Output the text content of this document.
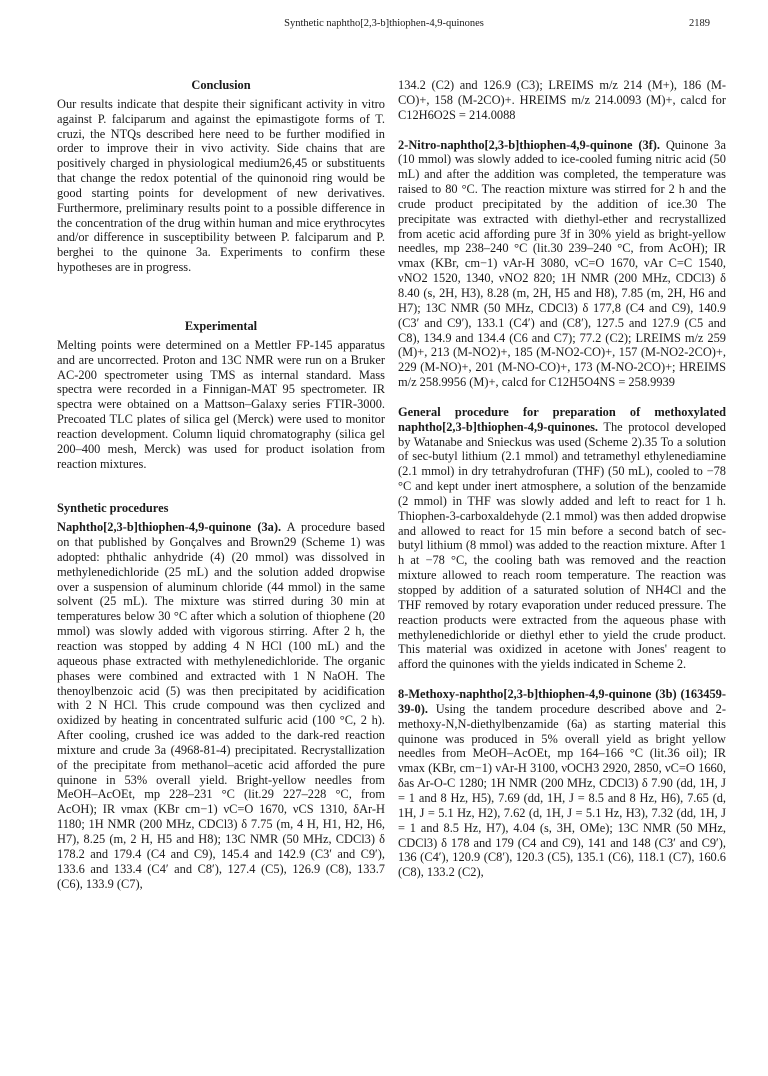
Synthetic naphtho[2,3-b]thiophen-4,9-quinones	2189

Conclusion

Our results indicate that despite their significant activity in vitro against P. falciparum and against the epimastigote forms of T. cruzi, the NTQs described here need to be further modified in order to improve their in vivo activity. Side chains that are positively charged in physiological medium26,45 or substituents that change the redox potential of the quinonoid ring would be good starting points for development of new derivatives. Furthermore, preliminary results point to a possible difference in the concentration of the drug within human and mice erythrocytes and/or difference in susceptibility between P. falciparum and P. berghei to the quinone 3a. Experiments to confirm these hypotheses are in progress.

Experimental

Melting points were determined on a Mettler FP-145 apparatus and are uncorrected. Proton and 13C NMR were run on a Bruker AC-200 spectrometer using TMS as internal standard. Mass spectra were recorded in a Finnigan-MAT 95 spectrometer. IR spectra were obtained on a Mattson–Galaxy series FTIR-3000. Precoated TLC plates of silica gel (Merck) were used to monitor reaction development. Column liquid chromatography (silica gel 200–400 mesh, Merck) was used for product isolation from reaction mixtures.

Synthetic procedures

Naphtho[2,3-b]thiophen-4,9-quinone (3a). A procedure based on that published by Gonçalves and Brown29 (Scheme 1) was adopted: phthalic anhydride (4) (20 mmol) was dissolved in methylenedichloride (25 mL) and the solution added dropwise over a suspension of aluminum chloride (44 mmol) in the same solvent (25 mL). The mixture was stirred during 30 min at temperatures below 30 °C after which a solution of thiophene (20 mmol) was slowly added with vigorous stirring. After 2 h, the reaction was stopped by adding 4 N HCl (100 mL) and the aqueous phase extracted with methylenedichloride. The organic phases were combined and extracted with 1 N NaOH. The thenoylbenzoic acid (5) was then precipitated by acidification with 2 N HCl. This crude compound was then cyclized and oxidized by heating in concentrated sulfuric acid (100 °C, 2 h). After cooling, crushed ice was added to the dark-red reaction mixture and crude 3a (4968-81-4) precipitated. Recrystallization of the precipitate from methanol–acetic acid afforded the pure quinone in 53% overall yield. Bright-yellow needles from MeOH–AcOEt, mp 228–231 °C (lit.29 227–228 °C, from AcOH); IR νmax (KBr cm−1) νC=O 1670, νCS 1310, δAr-H 1180; 1H NMR (200 MHz, CDCl3) δ 7.75 (m, 4 H, H1, H2, H6, H7), 8.25 (m, 2 H, H5 and H8); 13C NMR (50 MHz, CDCl3) δ 178.2 and 179.4 (C4 and C9), 145.4 and 142.9 (C3′ and C9′), 133.6 and 133.4 (C4′ and C8′), 127.4 (C5), 126.9 (C8), 133.7 (C6), 133.9 (C7),

134.2 (C2) and 126.9 (C3); LREIMS m/z 214 (M+), 186 (M-CO)+, 158 (M-2CO)+. HREIMS m/z 214.0093 (M)+, calcd for C12H6O2S = 214.0088

2-Nitro-naphtho[2,3-b]thiophen-4,9-quinone (3f). Quinone 3a (10 mmol) was slowly added to ice-cooled fuming nitric acid (50 mL) and after the addition was completed, the temperature was raised to 80 °C. The reaction mixture was stirred for 2 h and the crude product precipitated by the addition of ice.30 The precipitate was extracted with diethyl-ether and recrystallized from acetic acid affording pure 3f in 30% yield as bright-yellow needles, mp 238–240 °C (lit.30 239–240 °C, from AcOH); IR νmax (KBr, cm−1) νAr-H 3080, νC=O 1670, νAr C=C 1540, νNO2 1520, 1340, νNO2 820; 1H NMR (200 MHz, CDCl3) δ 8.40 (s, 2H, H3), 8.28 (m, 2H, H5 and H8), 7.85 (m, 2H, H6 and H7); 13C NMR (50 MHz, CDCl3) δ 177,8 (C4 and C9), 140.9 (C3′ and C9′), 133.1 (C4′) and (C8′), 127.5 and 127.9 (C5 and C8), 134.9 and 134.4 (C6 and C7); 77.2 (C2); LREIMS m/z 259 (M)+, 213 (M-NO2)+, 185 (M-NO2-CO)+, 157 (M-NO2-2CO)+, 229 (M-NO)+, 201 (M-NO-CO)+, 173 (M-NO-2CO)+; HREIMS m/z 258.9956 (M)+, calcd for C12H5O4NS = 258.9939

General procedure for preparation of methoxylated naphtho[2,3-b]thiophen-4,9-quinones. The protocol developed by Watanabe and Snieckus was used (Scheme 2).35 To a solution of sec-butyl lithium (2.1 mmol) and tetramethyl ethylenediamine (2.1 mmol) in dry tetrahydrofuran (THF) (50 mL), cooled to −78 °C and kept under inert atmosphere, a solution of the benzamide (2 mmol) in THF was slowly added and left to react for 1 h. Thiophen-3-carboxaldehyde (2.1 mmol) was then added dropwise and allowed to react for 15 min before a second batch of sec-butyl lithium (8 mmol) was added to the reaction mixture. After 1 h at −78 °C, the cooling bath was removed and the reaction mixture allowed to reach room temperature. The reaction was stopped by addition of a saturated solution of NH4Cl and the THF removed by rotary evaporation under reduced pressure. The reaction products were extracted from the aqueous phase with methylenedichloride or diethyl ether to yield the crude product. This material was oxidized in acetone with Jones' reagent to afford the quinones with the yields indicated in Scheme 2.

8-Methoxy-naphtho[2,3-b]thiophen-4,9-quinone (3b) (163459-39-0). Using the tandem procedure described above and 2-methoxy-N,N-diethylbenzamide (6a) as starting material this quinone was produced in 5% overall yield as bright yellow needles from MeOH–AcOEt, mp 164–166 °C (lit.36 oil); IR νmax (KBr, cm−1) νAr-H 3100, νOCH3 2920, 2850, νC=O 1660, δas Ar-O-C 1280; 1H NMR (200 MHz, CDCl3) δ 7.90 (dd, 1H, J = 1 and 8 Hz, H5), 7.69 (dd, 1H, J = 8.5 and 8 Hz, H6), 7.65 (d, 1H, J = 5.1 Hz, H2), 7.62 (d, 1H, J = 5.1 Hz, H3), 7.32 (dd, 1H, J = 1 and 8.5 Hz, H7), 4.04 (s, 3H, OMe); 13C NMR (50 MHz, CDCl3) δ 178 and 179 (C4 and C9), 141 and 148 (C3′ and C9′), 136 (C4′), 120.9 (C8′), 120.3 (C5), 135.1 (C6), 118.1 (C7), 160.6 (C8), 133.2 (C2),
